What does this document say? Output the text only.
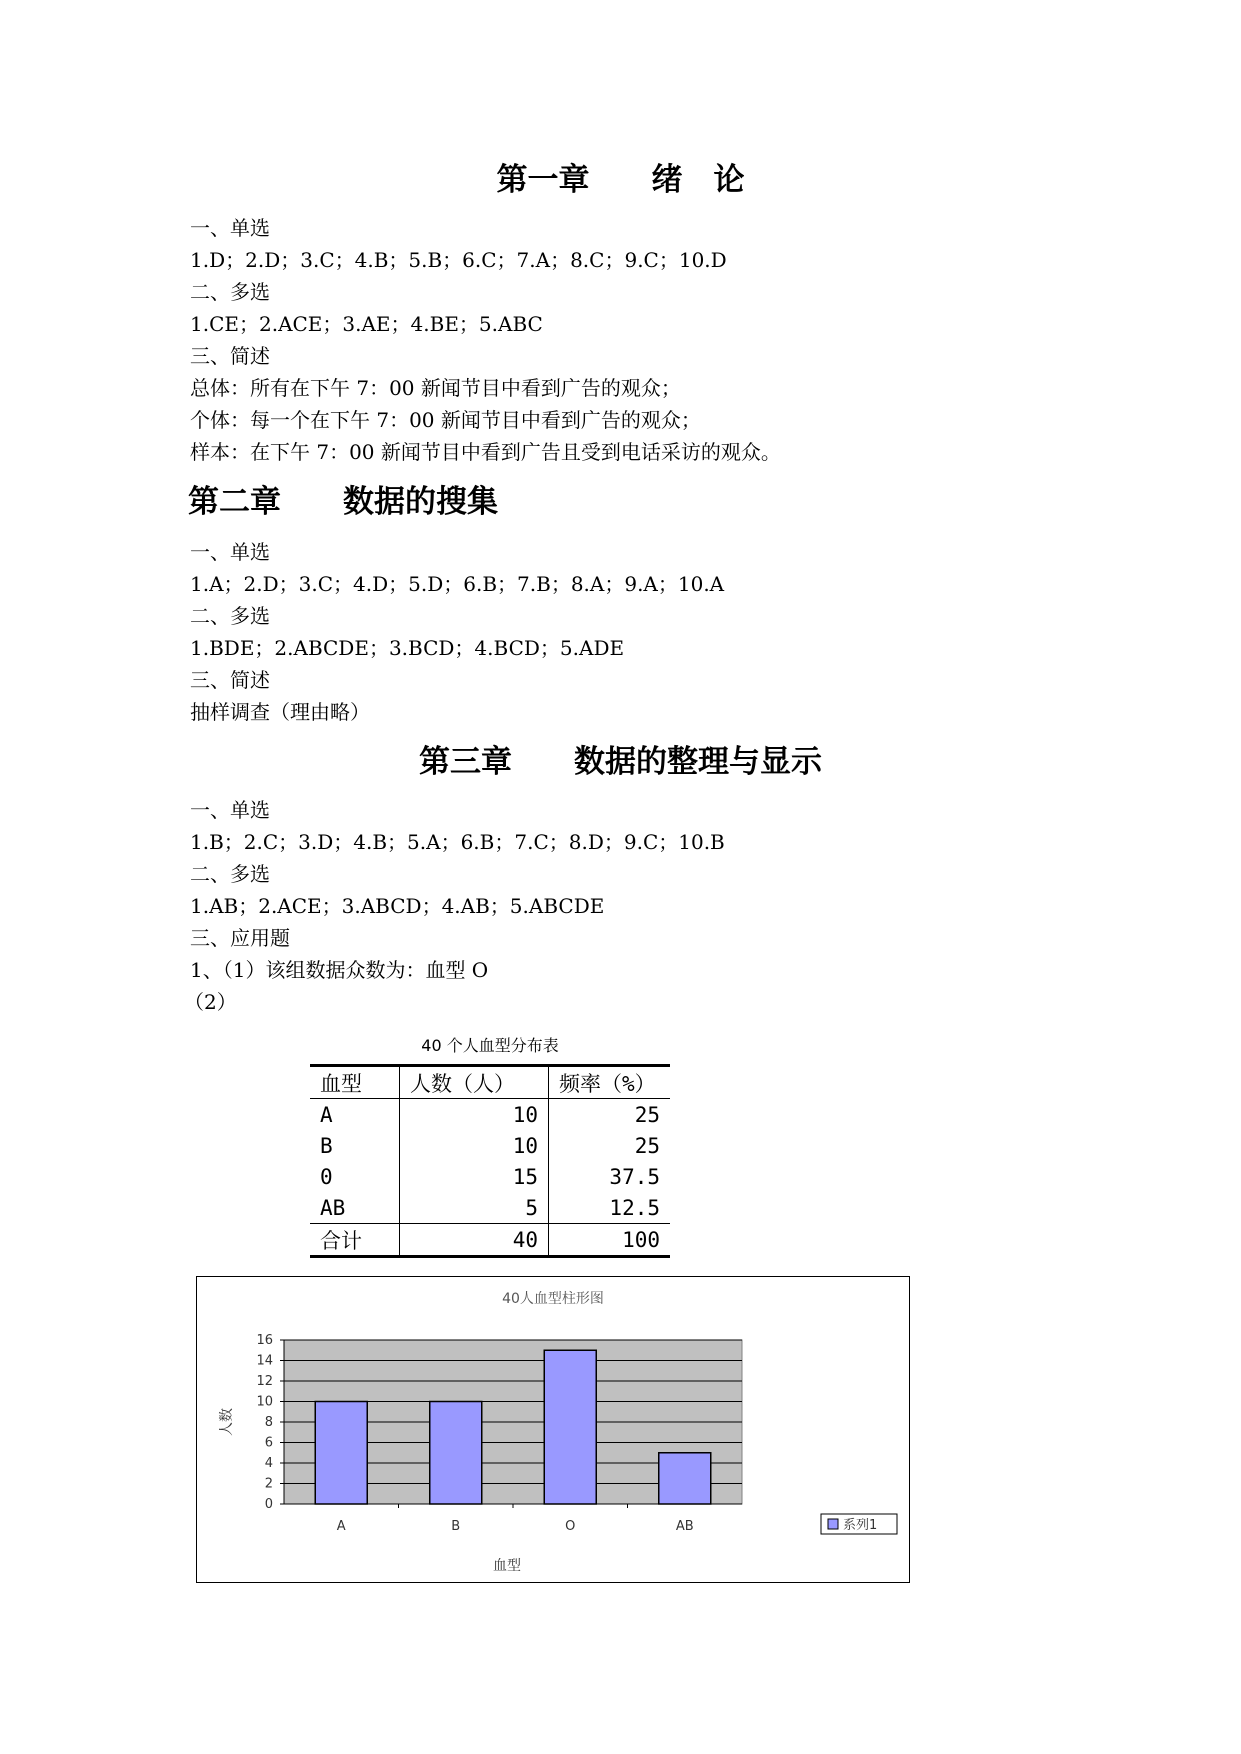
第一章　　绪　论
一、单选
1.D；2.D；3.C；4.B；5.B；6.C；7.A；8.C；9.C；10.D
二、多选
1.CE；2.ACE；3.AE；4.BE；5.ABC
三、简述
总体：所有在下午 7：00 新闻节目中看到广告的观众；
个体：每一个在下午 7：00 新闻节目中看到广告的观众；
样本：在下午 7：00 新闻节目中看到广告且受到电话采访的观众。
第二章　　数据的搜集
一、单选
1.A；2.D；3.C；4.D；5.D；6.B；7.B；8.A；9.A；10.A
二、多选
1.BDE；2.ABCDE；3.BCD；4.BCD；5.ADE
三、简述
抽样调查（理由略）
第三章　　数据的整理与显示
一、单选
1.B；2.C；3.D；4.B；5.A；6.B；7.C；8.D；9.C；10.B
二、多选
1.AB；2.ACE；3.ABCD；4.AB；5.ABCDE
三、应用题
1、（1）该组数据众数为：血型 O
（2）
40 个人血型分布表
血型	人数（人）	频率（%）
A	10	25
B	10	25
0	15	37.5
AB	5	12.5
合计	40	100
40人血型柱形图
0
2
4
6
8
10
12
14
16
A	B	O	AB
血型
人数
系列1
